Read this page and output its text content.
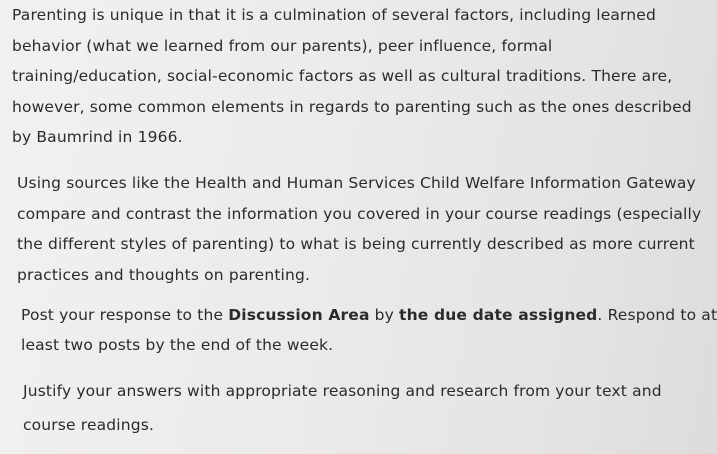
Parenting is unique in that it is a culmination of several factors, including learned
behavior (what we learned from our parents), peer influence, formal
training/education, social-economic factors as well as cultural traditions. There are,
however, some common elements in regards to parenting such as the ones described
by Baumrind in 1966.

Using sources like the Health and Human Services Child Welfare Information Gateway
compare and contrast the information you covered in your course readings (especially
the different styles of parenting) to what is being currently described as more current
practices and thoughts on parenting.

Post your response to the Discussion Area by the due date assigned. Respond to at
least two posts by the end of the week.

Justify your answers with appropriate reasoning and research from your text and
course readings.
